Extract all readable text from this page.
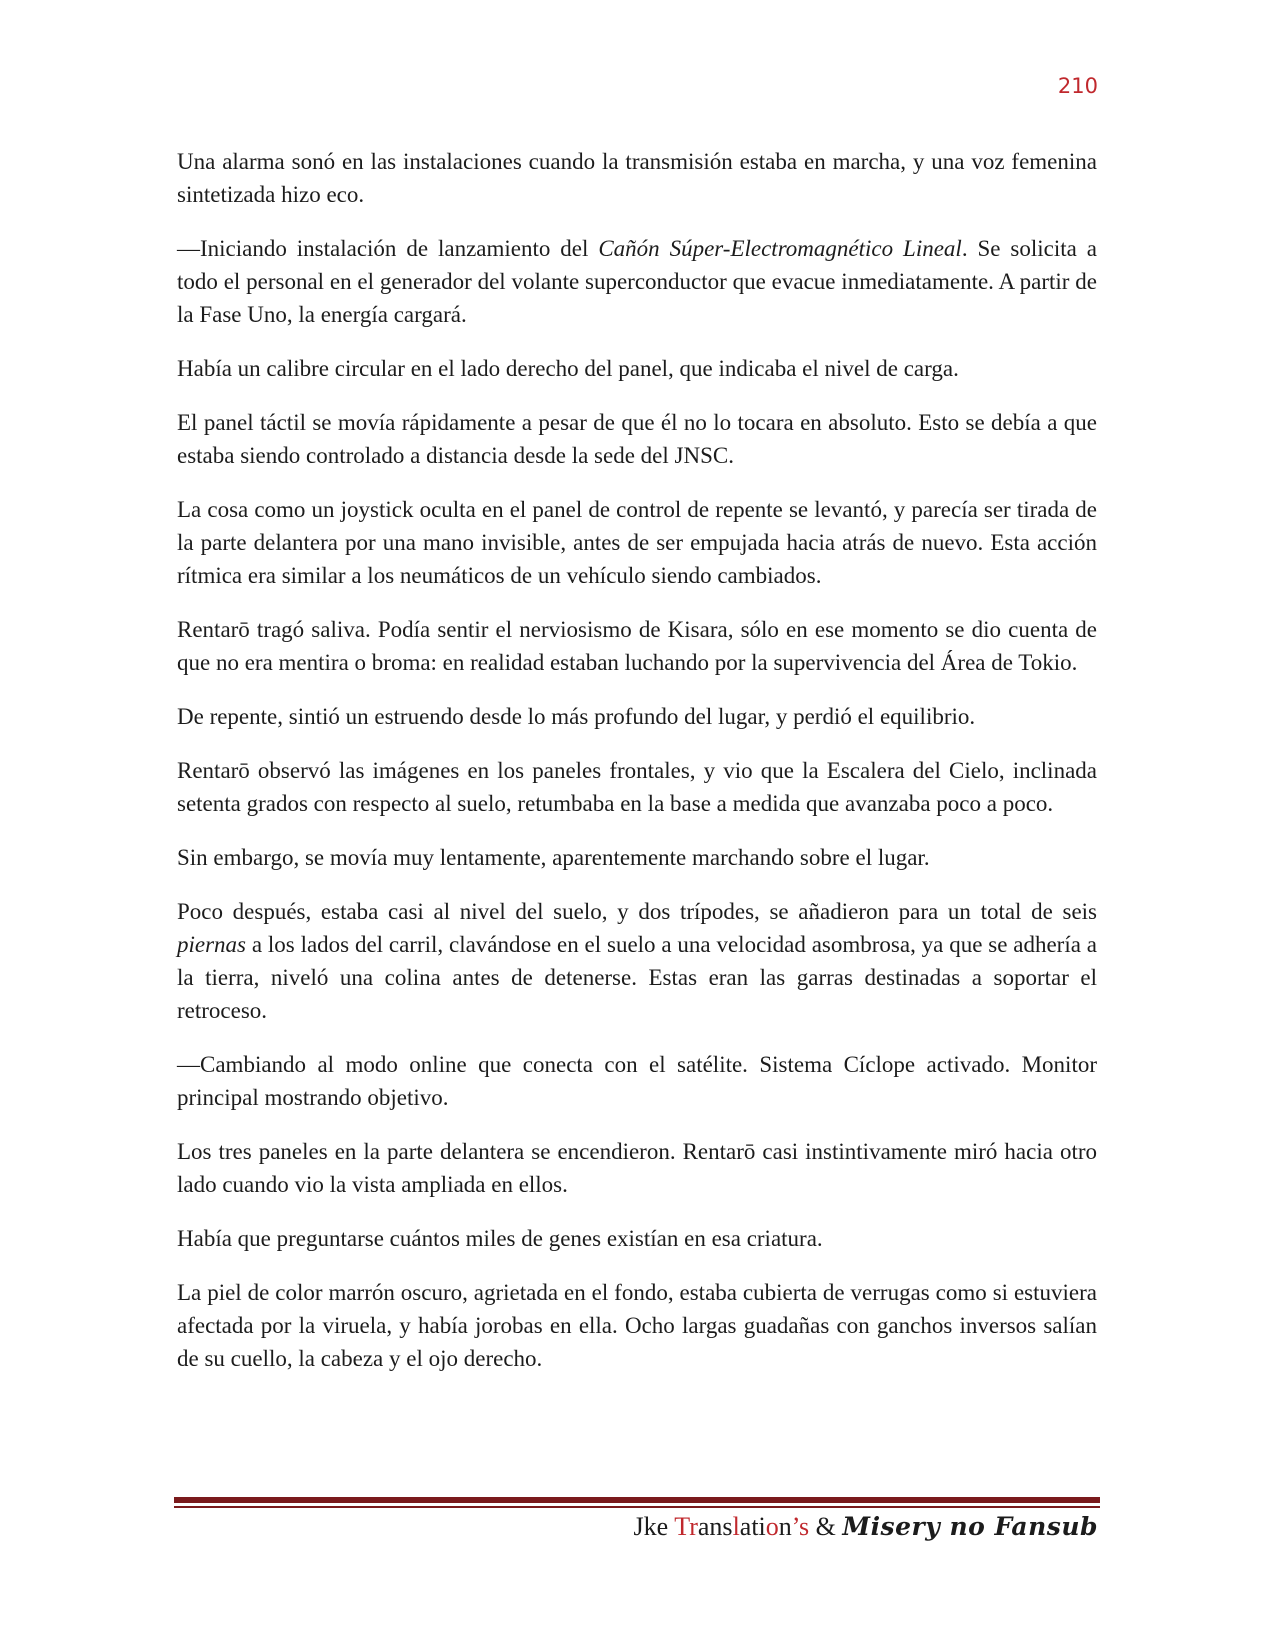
210

Una alarma sonó en las instalaciones cuando la transmisión estaba en marcha, y una voz femenina sintetizada hizo eco.

—Iniciando instalación de lanzamiento del Cañón Súper-Electromagnético Lineal. Se solicita a todo el personal en el generador del volante superconductor que evacue inmediatamente. A partir de la Fase Uno, la energía cargará.

Había un calibre circular en el lado derecho del panel, que indicaba el nivel de carga.

El panel táctil se movía rápidamente a pesar de que él no lo tocara en absoluto. Esto se debía a que estaba siendo controlado a distancia desde la sede del JNSC.

La cosa como un joystick oculta en el panel de control de repente se levantó, y parecía ser tirada de la parte delantera por una mano invisible, antes de ser empujada hacia atrás de nuevo. Esta acción rítmica era similar a los neumáticos de un vehículo siendo cambiados.

Rentarō tragó saliva. Podía sentir el nerviosismo de Kisara, sólo en ese momento se dio cuenta de que no era mentira o broma: en realidad estaban luchando por la supervivencia del Área de Tokio.

De repente, sintió un estruendo desde lo más profundo del lugar, y perdió el equilibrio.

Rentarō observó las imágenes en los paneles frontales, y vio que la Escalera del Cielo, inclinada setenta grados con respecto al suelo, retumbaba en la base a medida que avanzaba poco a poco.

Sin embargo, se movía muy lentamente, aparentemente marchando sobre el lugar.

Poco después, estaba casi al nivel del suelo, y dos trípodes, se añadieron para un total de seis piernas a los lados del carril, clavándose en el suelo a una velocidad asombrosa, ya que se adhería a la tierra, niveló una colina antes de detenerse. Estas eran las garras destinadas a soportar el retroceso.

—Cambiando al modo online que conecta con el satélite. Sistema Cíclope activado. Monitor principal mostrando objetivo.

Los tres paneles en la parte delantera se encendieron. Rentarō casi instintivamente miró hacia otro lado cuando vio la vista ampliada en ellos.

Había que preguntarse cuántos miles de genes existían en esa criatura.

La piel de color marrón oscuro, agrietada en el fondo, estaba cubierta de verrugas como si estuviera afectada por la viruela, y había jorobas en ella. Ocho largas guadañas con ganchos inversos salían de su cuello, la cabeza y el ojo derecho.

Jke Translation’s & Misery no Fansub
